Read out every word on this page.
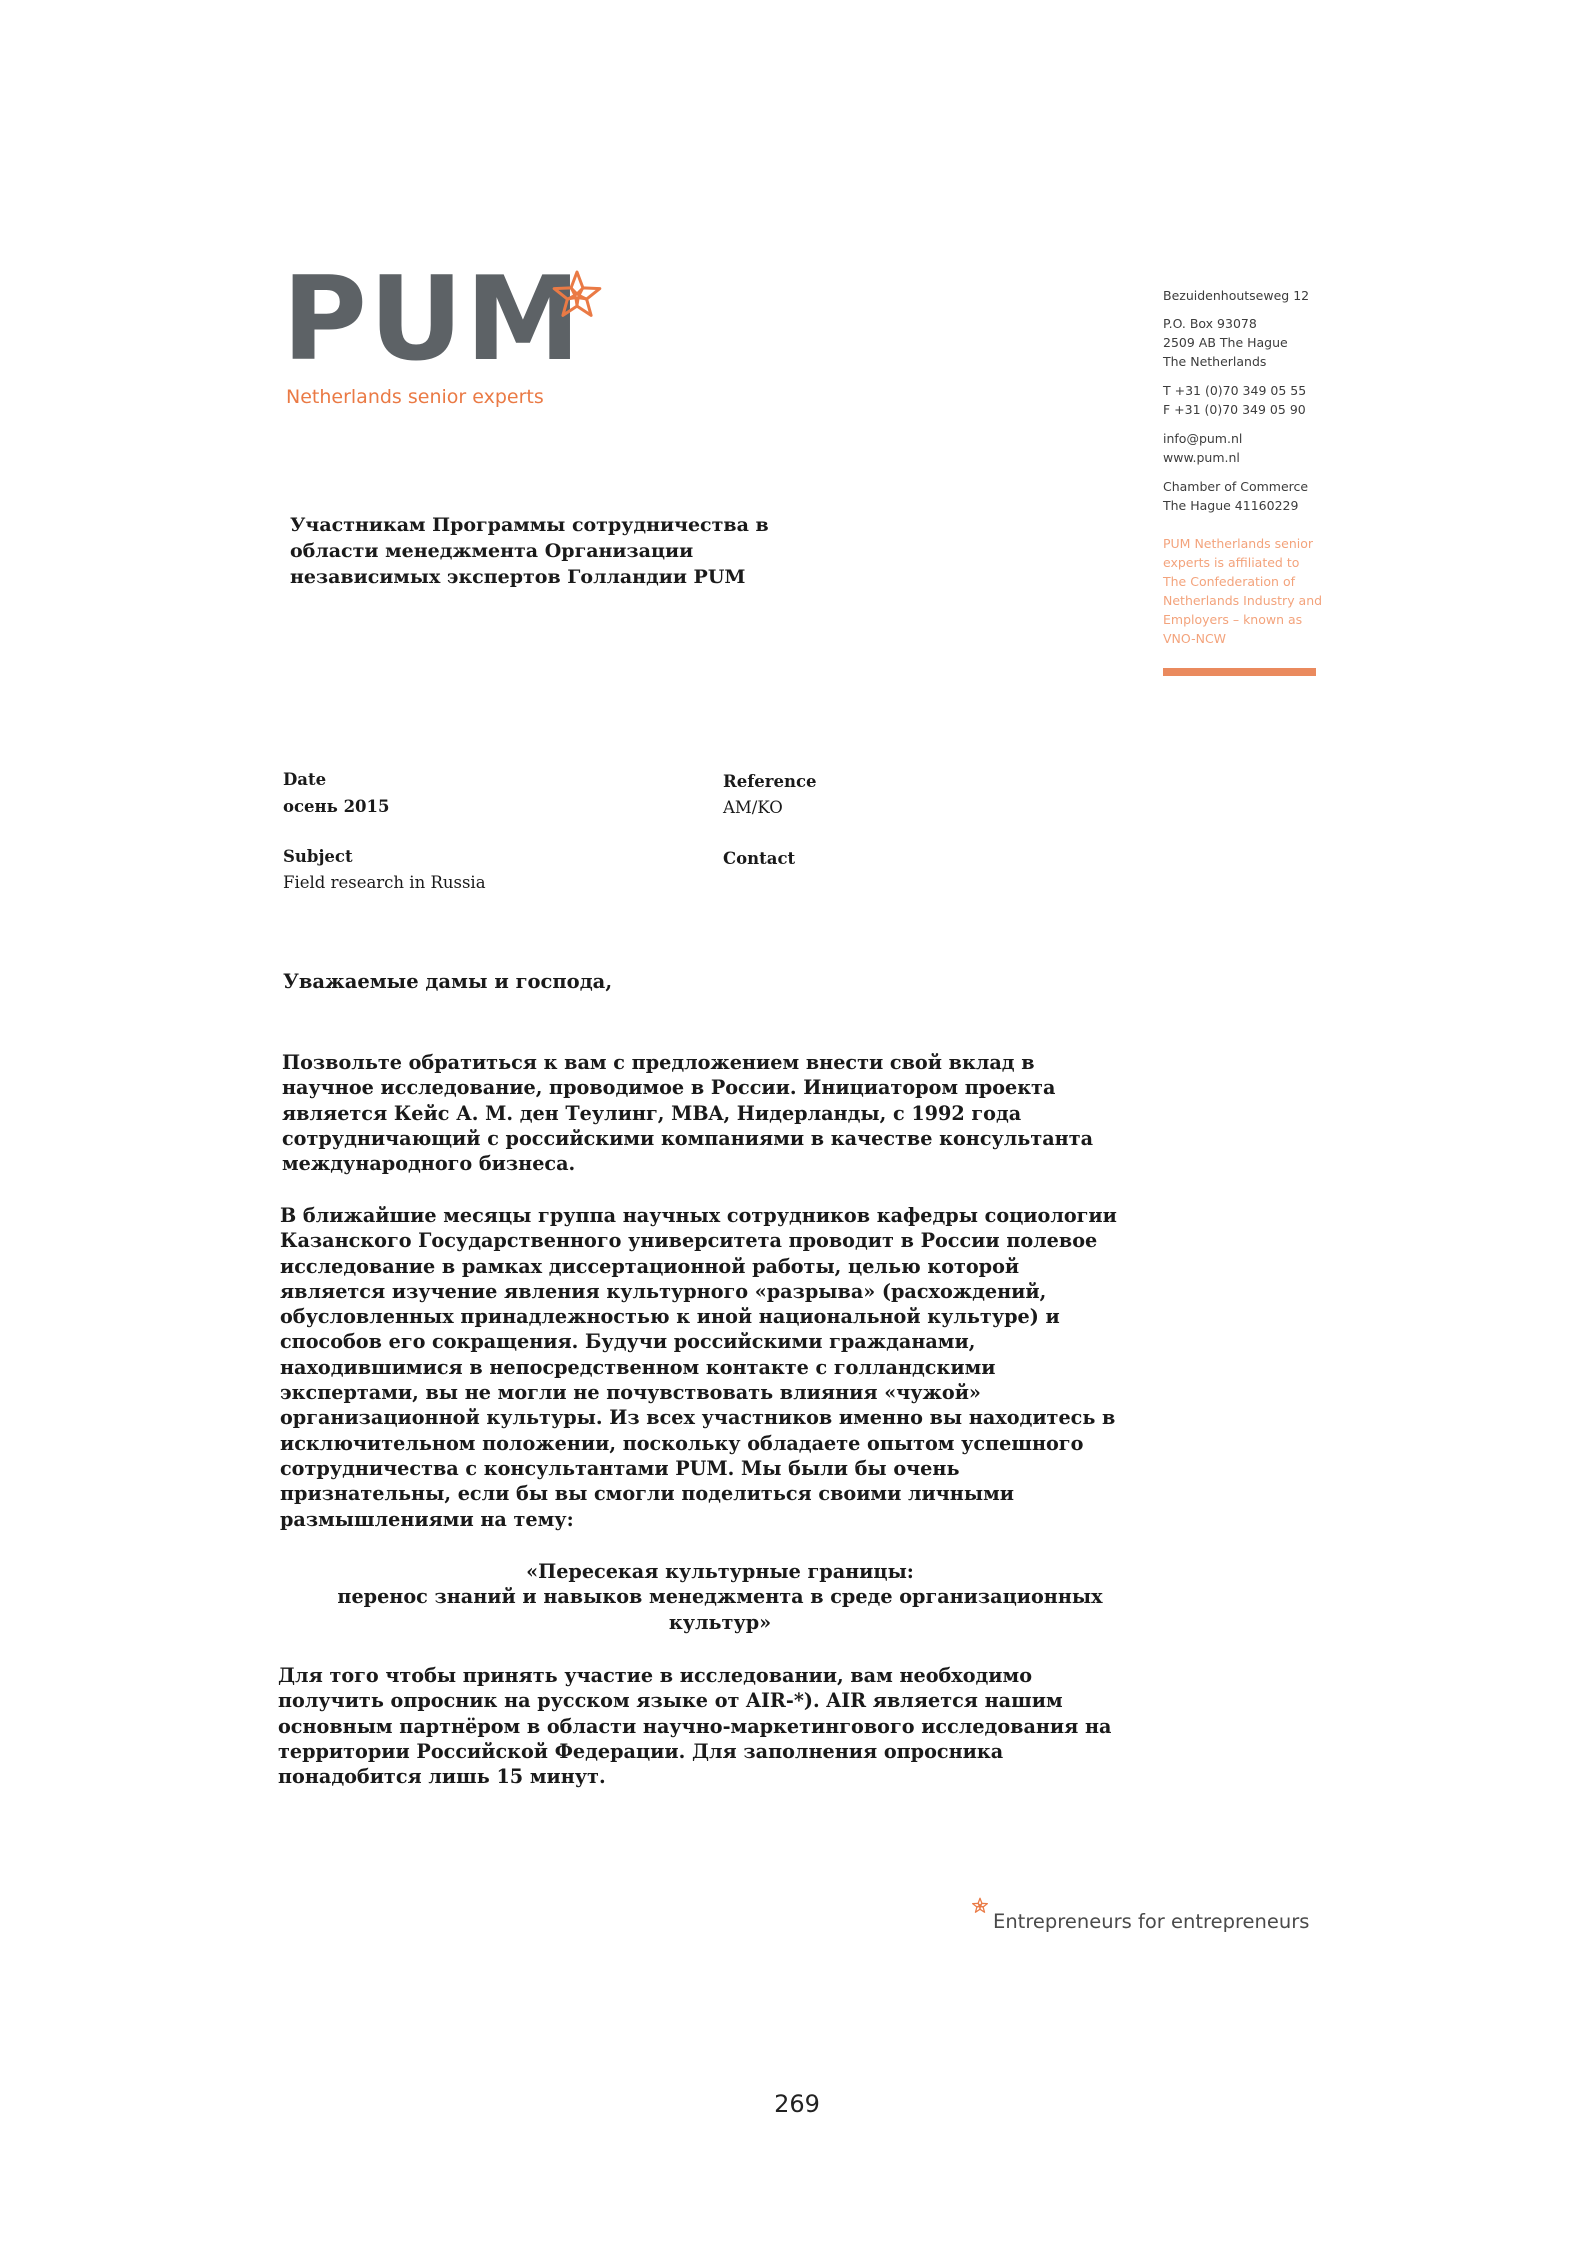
PUM
Netherlands senior experts
Bezuidenhoutseweg 12
P.O. Box 93078
2509 AB The Hague
The Netherlands
T +31 (0)70 349 05 55
F +31 (0)70 349 05 90
info@pum.nl
www.pum.nl
Chamber of Commerce
The Hague 41160229
PUM Netherlands senior experts is affiliated to The Confederation of Netherlands Industry and Employers – known as VNO-NCW
Участникам Программы сотрудничества в области менеджмента Организации независимых экспертов Голландии PUM
Date
осень 2015
Reference
AM/KO
Subject
Field research in Russia
Contact
Уважаемые дамы и господа,

Позвольте обратиться к вам с предложением внести свой вклад в
научное исследование, проводимое в России. Инициатором проекта
является Кейс А. М. ден Теулинг, MBA, Нидерланды, с 1992 года
сотрудничающий с российскими компаниями в качестве консультанта
международного бизнеса.

В ближайшие месяцы группа научных сотрудников кафедры социологии
Казанского Государственного университета проводит в России полевое
исследование в рамках диссертационной работы, целью которой
является изучение явления культурного «разрыва» (расхождений,
обусловленных принадлежностью к иной национальной культуре) и
способов его сокращения. Будучи российскими гражданами,
находившимися в непосредственном контакте с голландскими
экспертами, вы не могли не почувствовать влияния «чужой»
организационной культуры. Из всех участников именно вы находитесь в
исключительном положении, поскольку обладаете опытом успешного
сотрудничества с консультантами PUM. Мы были бы очень
признательны, если бы вы смогли поделиться своими личными
размышлениями на тему:

«Пересекая культурные границы:
перенос знаний и навыков менеджмента в среде организационных
культур»

Для того чтобы принять участие в исследовании, вам необходимо
получить опросник на русском языке от AIR-*). AIR является нашим
основным партнёром в области научно-маркетингового исследования на
территории Российской Федерации. Для заполнения опросника
понадобится лишь 15 минут.

Entrepreneurs for entrepreneurs
269
